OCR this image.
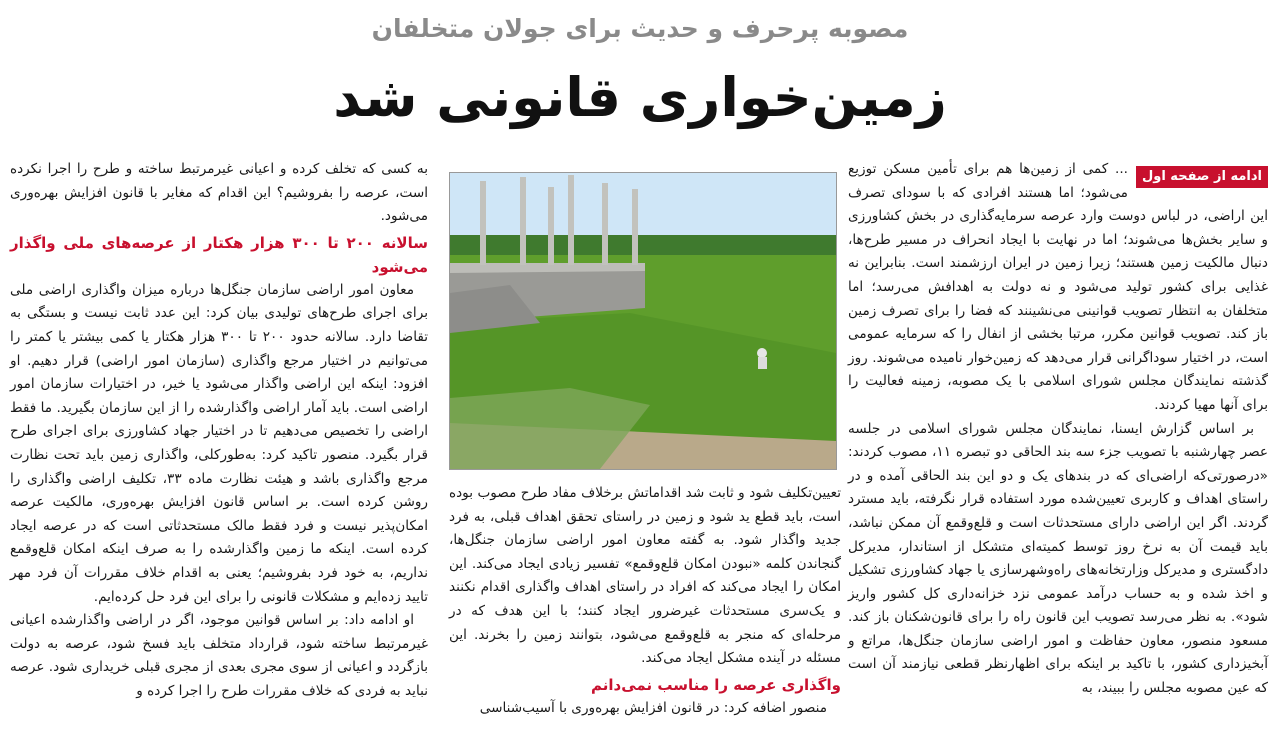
مصوبه پرحرف و حدیث برای جولان متخلفان
زمین‌خواری قانونی شد
ادامه از صفحه اول

... کمی از زمین‌ها هم برای تأمین مسکن توزیع می‌شود؛ اما هستند افرادی که با سودای تصرف این اراضی، در لباس دوست وارد عرصه سرمایه‌گذاری در بخش کشاورزی و سایر بخش‌ها می‌شوند؛ اما در نهایت با ایجاد انحراف در مسیر طرح‌ها، دنبال مالکیت زمین هستند؛ زیرا زمین در ایران ارزشمند است. بنابراین نه غذایی برای کشور تولید می‌شود و نه دولت به اهدافش می‌رسد؛ اما متخلفان به انتظار تصویب قوانینی می‌نشینند که فضا را برای تصرف زمین باز کند. تصویب قوانین مکرر، مرتبا بخشی از انفال را که سرمایه عمومی است، در اختیار سوداگرانی قرار می‌دهد که زمین‌خوار نامیده می‌شوند. روز گذشته نمایندگان مجلس شورای اسلامی با یک مصوبه، زمینه فعالیت را برای آنها مهیا کردند.

بر اساس گزارش ایسنا، نمایندگان مجلس شورای اسلامی در جلسه عصر چهارشنبه با تصویب جزء سه بند الحاقی دو تبصره ۱۱، مصوب کردند: «درصورتی‌که اراضی‌ای که در بندهای یک و دو این بند الحاقی آمده و در راستای اهداف و کاربری تعیین‌شده مورد استفاده قرار نگرفته، باید مسترد گردند. اگر این اراضی دارای مستحدثات است و قلع‌وقمع آن ممکن نباشد، باید قیمت آن به نرخ روز توسط کمیته‌ای متشکل از استاندار، مدیرکل دادگستری و مدیرکل وزارتخانه‌های راه‌وشهرسازی یا جهاد کشاورزی تشکیل و اخذ شده و به حساب درآمد عمومی نزد خزانه‌داری کل کشور واریز شود». به نظر می‌رسد تصویب این قانون راه را برای قانون‌شکنان باز کند. مسعود منصور، معاون حفاظت و امور اراضی سازمان جنگل‌ها، مراتع و آبخیزداری کشور، با تاکید بر اینکه برای اظهارنظر قطعی نیازمند آن است که عین مصوبه مجلس را ببیند، به

تعیین‌تکلیف شود و ثابت شد اقداماتش برخلاف مفاد طرح مصوب بوده است، باید قطع ید شود و زمین در راستای تحقق اهداف قبلی، به فرد جدید واگذار شود. به گفته معاون امور اراضی سازمان جنگل‌ها، گنجاندن کلمه «نبودن امکان قلع‌وقمع» تفسیر زیادی ایجاد می‌کند. این امکان را ایجاد می‌کند که افراد در راستای اهداف واگذاری اقدام نکنند و یک‌سری مستحدثات غیرضرور ایجاد کنند؛ با این هدف که در مرحله‌ای که منجر به قلع‌وقمع می‌شود، بتوانند زمین را بخرند. این مسئله در آینده مشکل ایجاد می‌کند.

واگذاری عرصه را مناسب نمی‌دانم

منصور اضافه کرد: در قانون افزایش بهره‌وری با آسیب‌شناسی

به کسی که تخلف کرده و اعیانی غیرمرتبط ساخته و طرح را اجرا نکرده است، عرصه را بفروشیم؟ این اقدام که مغایر با قانون افزایش بهره‌وری می‌شود.

سالانه ۲۰۰ تا ۳۰۰ هزار هکتار از عرصه‌های ملی واگذار می‌شود

معاون امور اراضی سازمان جنگل‌ها درباره میزان واگذاری اراضی ملی برای اجرای طرح‌های تولیدی بیان کرد: این عدد ثابت نیست و بستگی به تقاضا دارد. سالانه حدود ۲۰۰ تا ۳۰۰ هزار هکتار یا کمی بیشتر یا کمتر را می‌توانیم در اختیار مرجع واگذاری (سازمان امور اراضی) قرار دهیم. او افزود: اینکه این اراضی واگذار می‌شود یا خیر، در اختیارات سازمان امور اراضی است. باید آمار اراضی واگذارشده را از این سازمان بگیرید. ما فقط اراضی را تخصیص می‌دهیم تا در اختیار جهاد کشاورزی برای اجرای طرح قرار بگیرد. منصور تاکید کرد: به‌طورکلی، واگذاری زمین باید تحت نظارت مرجع واگذاری باشد و هیئت نظارت ماده ۳۳، تکلیف اراضی واگذاری را روشن کرده است. بر اساس قانون افزایش بهره‌وری، مالکیت عرصه امکان‌پذیر نیست و فرد فقط مالک مستحدثاتی است که در عرصه ایجاد کرده است. اینکه ما زمین واگذارشده را به صرف اینکه امکان قلع‌وقمع نداریم، به خود فرد بفروشیم؛ یعنی به اقدام خلاف مقررات آن فرد مهر تایید زده‌ایم و مشکلات قانونی را برای این فرد حل کرده‌ایم.

او ادامه داد: بر اساس قوانین موجود، اگر در اراضی واگذارشده اعیانی غیرمرتبط ساخته شود، قرارداد متخلف باید فسخ شود، عرصه به دولت بازگردد و اعیانی از سوی مجری بعدی از مجری قبلی خریداری شود. عرصه نباید به فردی که خلاف مقررات طرح را اجرا کرده و
